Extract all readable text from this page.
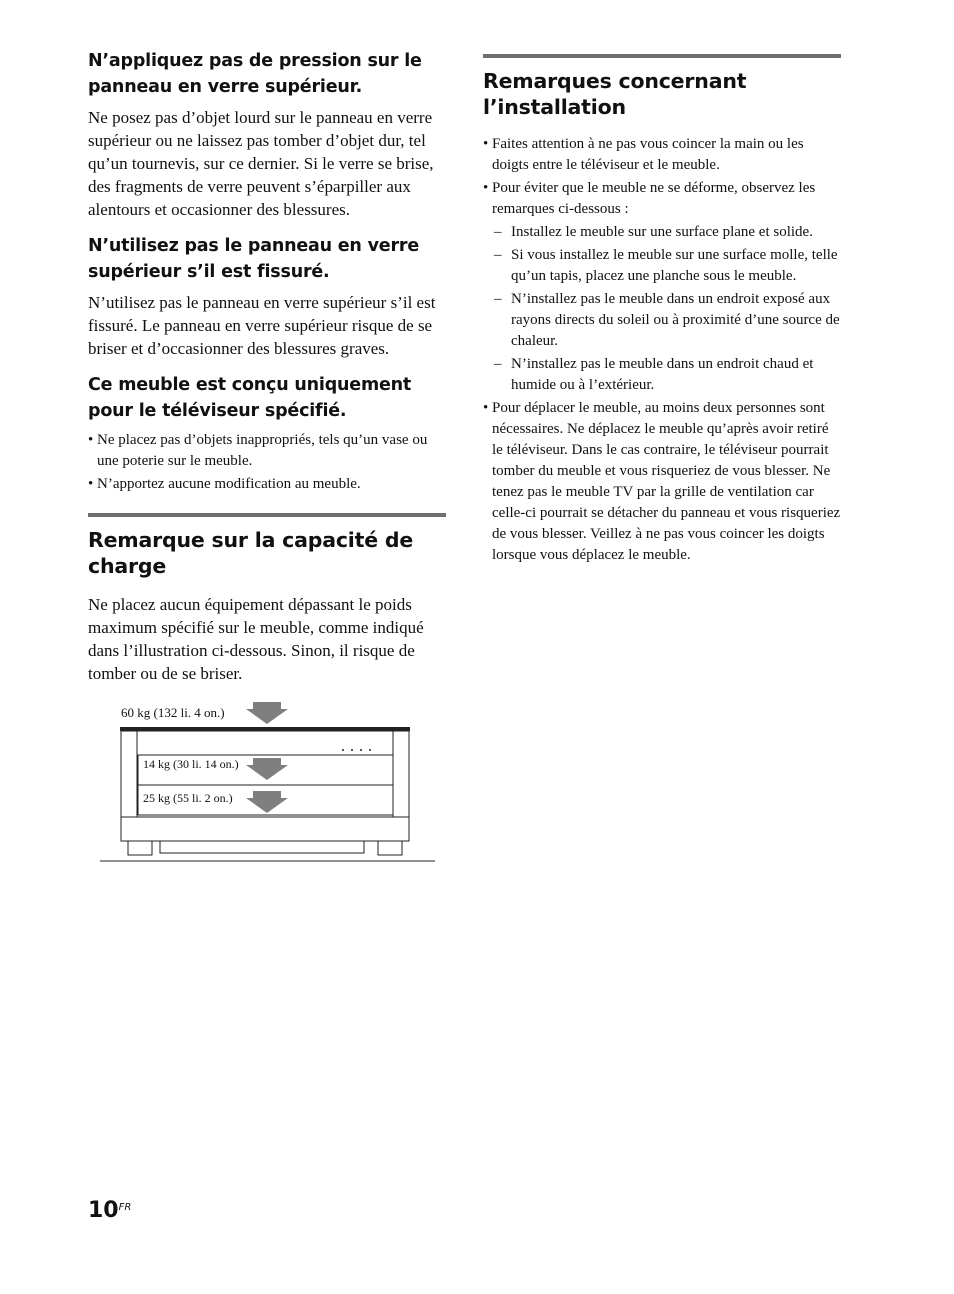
N’appliquez pas de pression sur le panneau en verre supérieur.

Ne posez pas d’objet lourd sur le panneau en verre supérieur ou ne laissez pas tomber d’objet dur, tel qu’un tournevis, sur ce dernier. Si le verre se brise, des fragments de verre peuvent s’éparpiller aux alentours et occasionner des blessures.

N’utilisez pas le panneau en verre supérieur s’il est fissuré.

N’utilisez pas le panneau en verre supérieur s’il est fissuré. Le panneau en verre supérieur risque de se briser et d’occasionner des blessures graves.

Ce meuble est conçu uniquement pour le téléviseur spécifié.
• Ne placez pas d’objets inappropriés, tels qu’un vase ou une poterie sur le meuble.
• N’apportez aucune modification au meuble.
Remarque sur la capacité de charge

Ne placez aucun équipement dépassant le poids maximum spécifié sur le meuble, comme indiqué dans l’illustration ci-dessous. Sinon, il risque de tomber ou de se briser.

60 kg (132 li. 4 on.)
14 kg (30 li. 14 on.)
25 kg (55 li. 2 on.)
Remarques concernant l’installation
• Faites attention à ne pas vous coincer la main ou les doigts entre le téléviseur et le meuble.
• Pour éviter que le meuble ne se déforme, observez les remarques ci-dessous :
– Installez le meuble sur une surface plane et solide.
– Si vous installez le meuble sur une surface molle, telle qu’un tapis, placez une planche sous le meuble.
– N’installez pas le meuble dans un endroit exposé aux rayons directs du soleil ou à proximité d’une source de chaleur.
– N’installez pas le meuble dans un endroit chaud et humide ou à l’extérieur.
• Pour déplacer le meuble, au moins deux personnes sont nécessaires. Ne déplacez le meuble qu’après avoir retiré le téléviseur. Dans le cas contraire, le téléviseur pourrait tomber du meuble et vous risqueriez de vous blesser. Ne tenez pas le meuble TV par la grille de ventilation car celle-ci pourrait se détacher du panneau et vous risqueriez de vous blesser. Veillez à ne pas vous coincer les doigts lorsque vous déplacez le meuble.
$10^{FR}$
